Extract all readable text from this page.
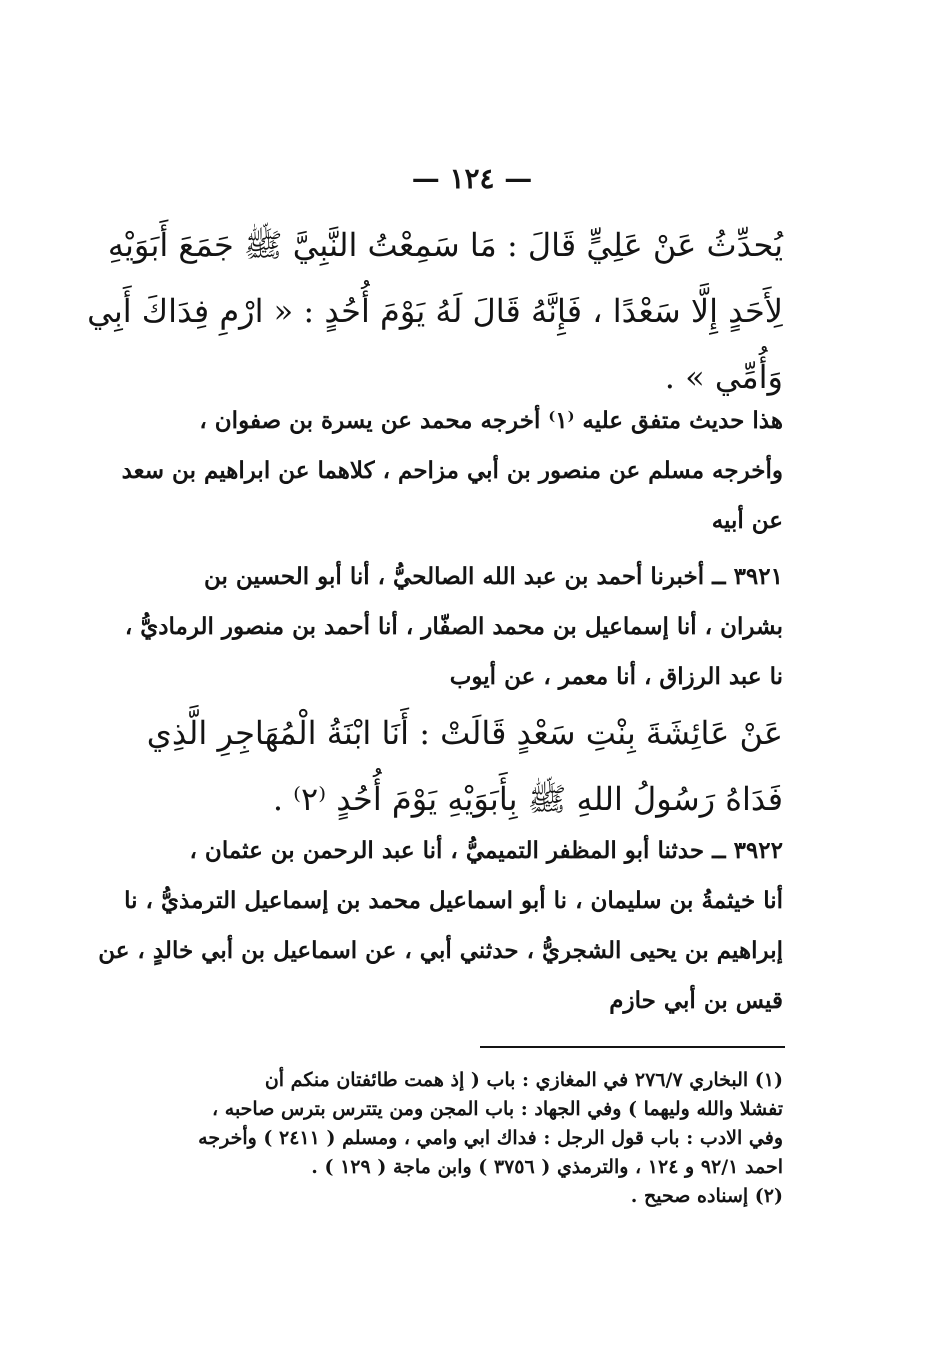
— ١٢٤ —
يُحدِّثُ عَنْ عَلِيٍّ قَالَ : مَا سَمِعْتُ النَّبِيَّ ﷺ جَمَعَ أَبَوَيْهِ
لِأَحَدٍ إِلَّا سَعْدًا ، فَإِنَّهُ قَالَ لَهُ يَوْمَ أُحُدٍ : « ارْمِ فِدَاكَ أَبِي
وَأُمِّي » .
هذا حديث متفق عليه ⁽١⁾ أخرجه محمد عن يسرة بن صفوان ،
وأخرجه مسلم عن منصور بن أبي مزاحم ، كلاهما عن ابراهيم بن سعد
عن أبيه
٣٩٢١ ــ أخبرنا أحمد بن عبد الله الصالحيُّ ، أنا أبو الحسين بن
بشران ، أنا إسماعيل بن محمد الصفّار ، أنا أحمد بن منصور الرماديُّ ،
نا عبد الرزاق ، أنا معمر ، عن أيوب
عَنْ عَائِشَةَ بِنْتِ سَعْدٍ قَالَتْ : أَنَا ابْنَةُ الْمُهَاجِرِ الَّذِي
فَدَاهُ رَسُولُ اللهِ ﷺ بِأَبَوَيْهِ يَوْمَ أُحُدٍ ⁽٢⁾ .
٣٩٢٢ ــ حدثنا أبو المظفر التميميُّ ، أنا عبد الرحمن بن عثمان ،
أنا خيثمةُ بن سليمان ، نا أبو اسماعيل محمد بن إسماعيل الترمذيُّ ، نا
إبراهيم بن يحيى الشجريُّ ، حدثني أبي ، عن اسماعيل بن أبي خالدٍ ، عن
قيس بن أبي حازم
(١) البخاري ٢٧٦/٧ في المغازي : باب ( إذ همت طائفتان منكم أن
تفشلا والله وليهما ) وفي الجهاد : باب المجن ومن يتترس بترس صاحبه ،
وفي الادب : باب قول الرجل : فداك ابي وامي ، ومسلم ( ٢٤١١ ) وأخرجه
احمد ٩٢/١ و ١٢٤ ، والترمذي ( ٣٧٥٦ ) وابن ماجة ( ١٢٩ ) .
(٢) إسناده صحيح .
